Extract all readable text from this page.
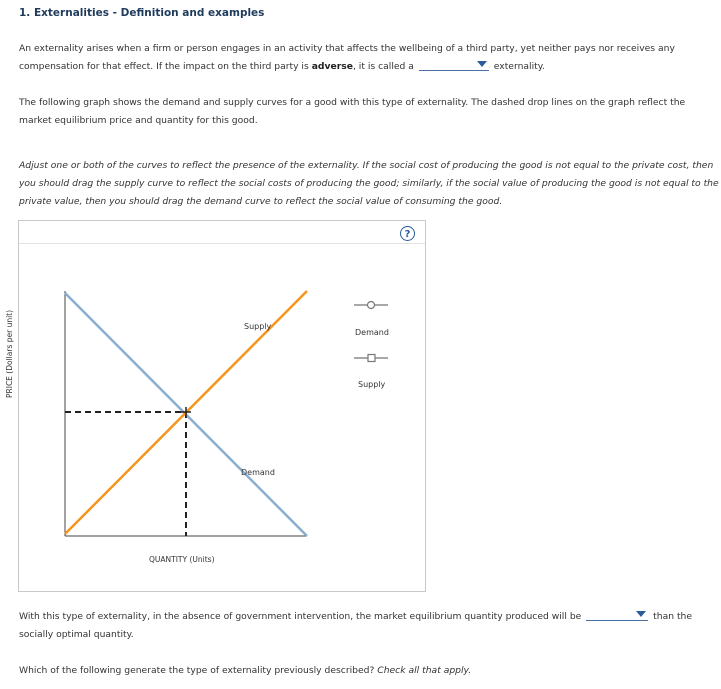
1. Externalities - Definition and examples
An externality arises when a firm or person engages in an activity that affects the wellbeing of a third party, yet neither pays nor receives any compensation for that effect. If the impact on the third party is adverse, it is called a	externality.
The following graph shows the demand and supply curves for a good with this type of externality. The dashed drop lines on the graph reflect the market equilibrium price and quantity for this good.
Adjust one or both of the curves to reflect the presence of the externality. If the social cost of producing the good is not equal to the private cost, then you should drag the supply curve to reflect the social costs of producing the good; similarly, if the social value of producing the good is not equal to the private value, then you should drag the demand curve to reflect the social value of consuming the good.
?
PRICE (Dollars per unit)
QUANTITY (Units)
Supply
Demand
Demand
Supply
With this type of externality, in the absence of government intervention, the market equilibrium quantity produced will be	than the socially optimal quantity.
Which of the following generate the type of externality previously described? Check all that apply.
